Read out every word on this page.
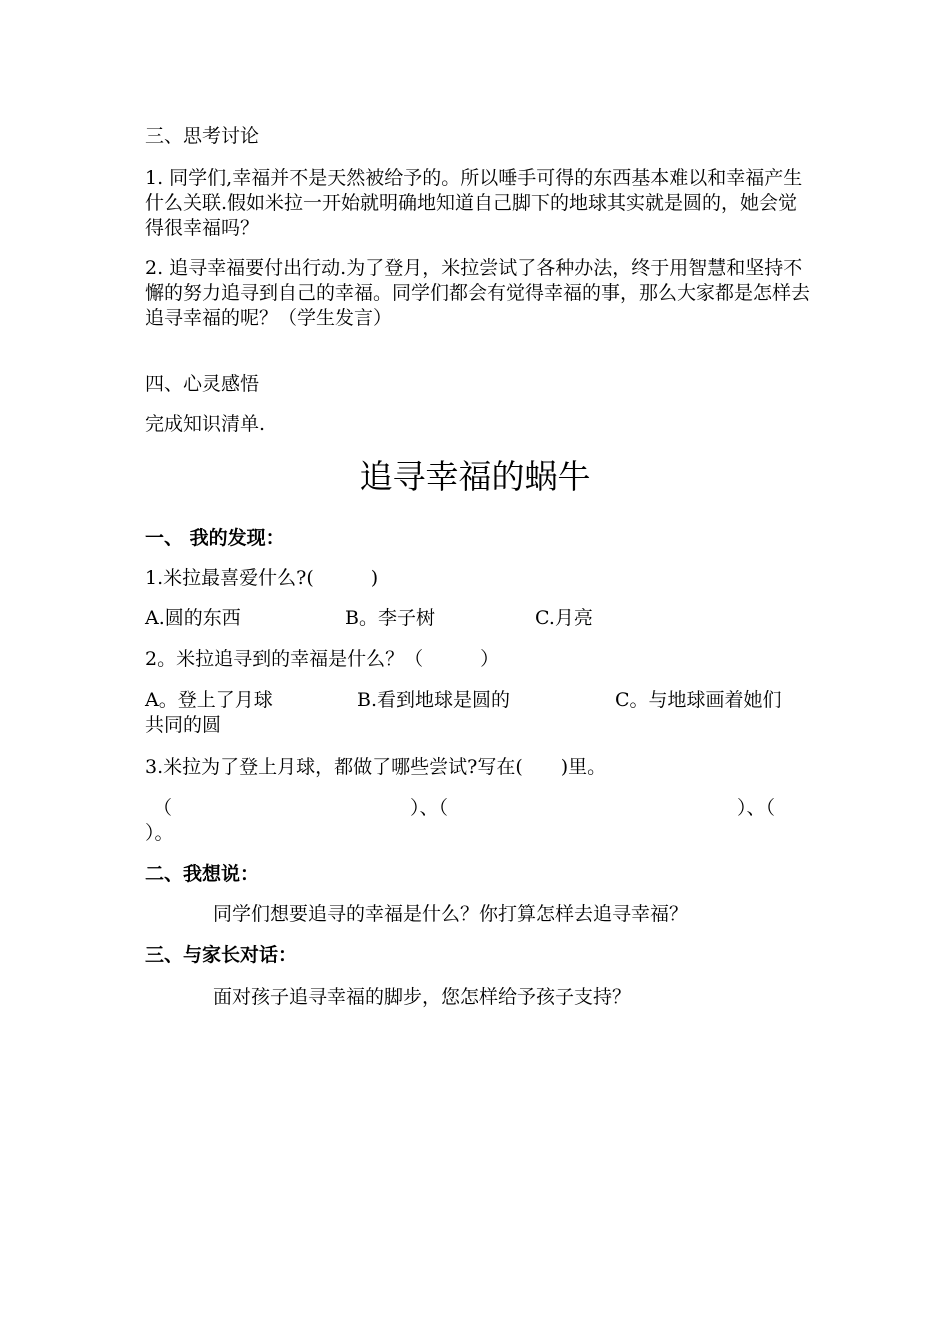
三、思考讨论
1. 同学们,幸福并不是天然被给予的。所以唾手可得的东西基本难以和幸福产生什么关联.假如米拉一开始就明确地知道自己脚下的地球其实就是圆的，她会觉得很幸福吗？
2. 追寻幸福要付出行动.为了登月，米拉尝试了各种办法，终于用智慧和坚持不懈的努力追寻到自己的幸福。同学们都会有觉得幸福的事，那么大家都是怎样去追寻幸福的呢？（学生发言）
四、心灵感悟
完成知识清单.
追寻幸福的蜗牛
一、 我的发现：
1.米拉最喜爱什么?(　　　)
A.圆的东西	B。李子树	C.月亮
2。米拉追寻到的幸福是什么？（　　　）
A。登上了月球	B.看到地球是圆的	C。与地球画着她们
共同的圆
3.米拉为了登上月球，都做了哪些尝试?写在(　　)里。
（	）、（	）、（
）。
二、我想说：
同学们想要追寻的幸福是什么？你打算怎样去追寻幸福？
三、与家长对话：
面对孩子追寻幸福的脚步，您怎样给予孩子支持？
